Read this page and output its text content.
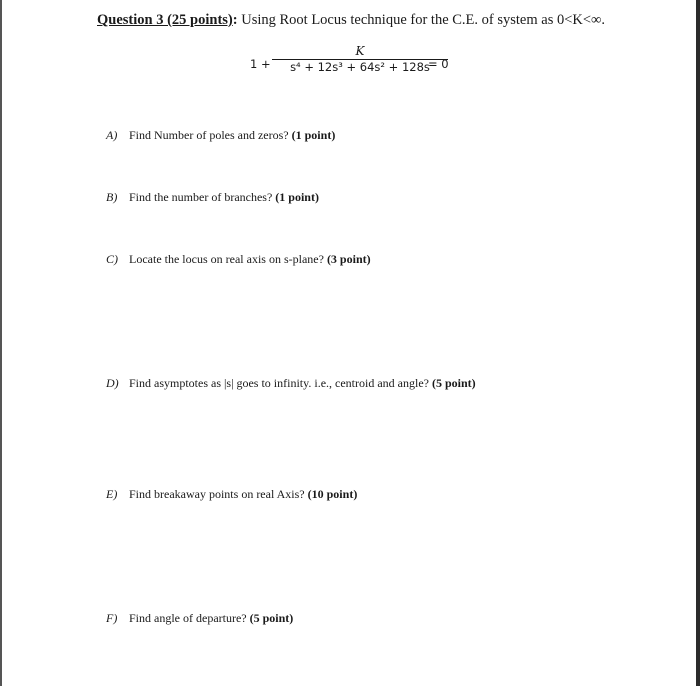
Question 3 (25 points): Using Root Locus technique for the C.E. of system as 0<K<∞.
1 +
K
s⁴ + 12s³ + 64s² + 128s
= 0
A) Find Number of poles and zeros? (1 point)
B) Find the number of branches? (1 point)
C) Locate the locus on real axis on s-plane? (3 point)
D) Find asymptotes as |s| goes to infinity. i.e., centroid and angle? (5 point)
E) Find breakaway points on real Axis? (10 point)
F) Find angle of departure? (5 point)
